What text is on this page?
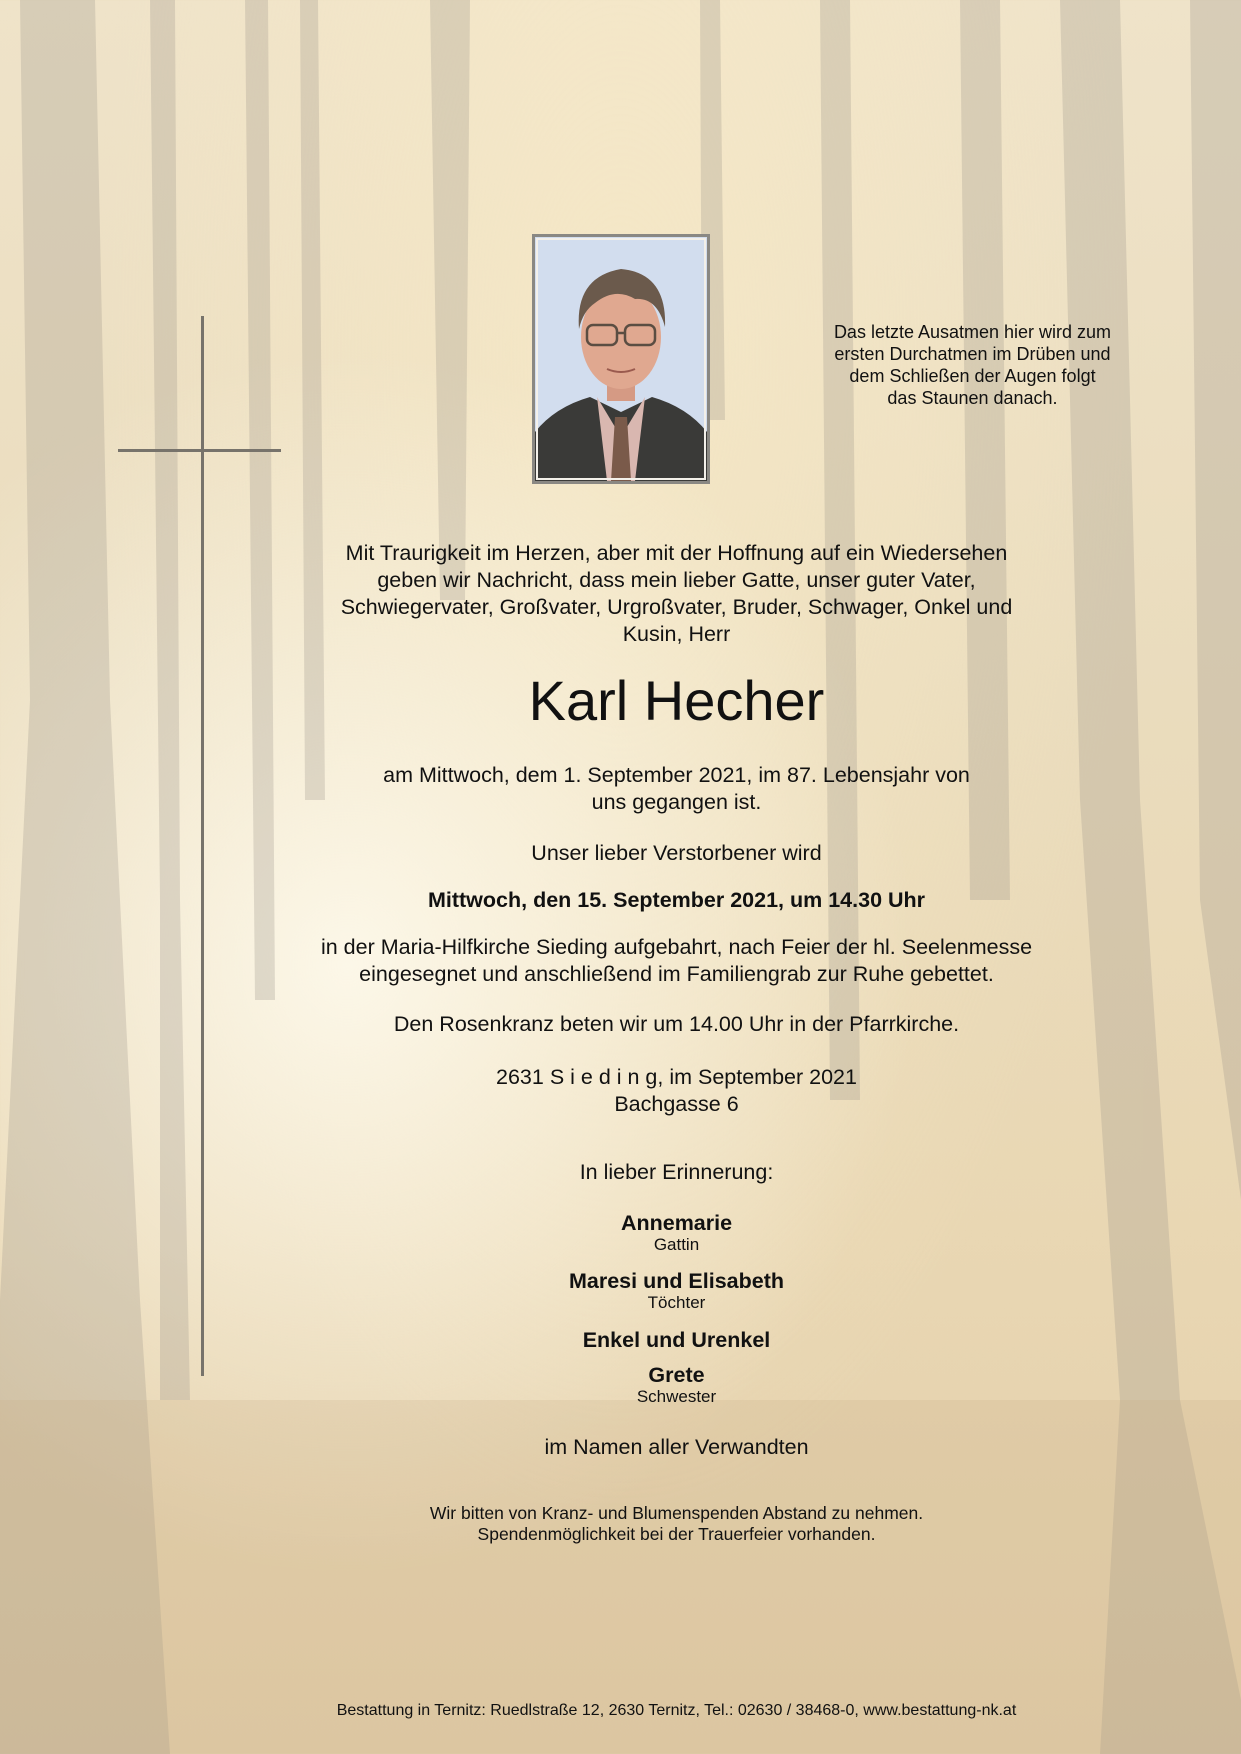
Das letzte Ausatmen hier wird zum
ersten Durchatmen im Drüben und
dem Schließen der Augen folgt
das Staunen danach.
Mit Traurigkeit im Herzen, aber mit der Hoffnung auf ein Wiedersehen
geben wir Nachricht, dass mein lieber Gatte, unser guter Vater,
Schwiegervater, Großvater, Urgroßvater, Bruder, Schwager, Onkel und
Kusin, Herr
Karl Hecher
am Mittwoch, dem 1. September 2021, im 87. Lebensjahr von
uns gegangen ist.
Unser lieber Verstorbener wird
Mittwoch, den 15. September 2021, um 14.30 Uhr
in der Maria-Hilfkirche Sieding aufgebahrt, nach Feier der hl. Seelenmesse
eingesegnet und anschließend im Familiengrab zur Ruhe gebettet.
Den Rosenkranz beten wir um 14.00 Uhr in der Pfarrkirche.
2631 S i e d i n g, im September 2021
Bachgasse 6
In lieber Erinnerung:
Annemarie
Gattin
Maresi und Elisabeth
Töchter
Enkel und Urenkel
Grete
Schwester
im Namen aller Verwandten
Wir bitten von Kranz- und Blumenspenden Abstand zu nehmen.
Spendenmöglichkeit bei der Trauerfeier vorhanden.
Bestattung in Ternitz: Ruedlstraße 12, 2630 Ternitz, Tel.: 02630 / 38468-0, www.bestattung-nk.at
